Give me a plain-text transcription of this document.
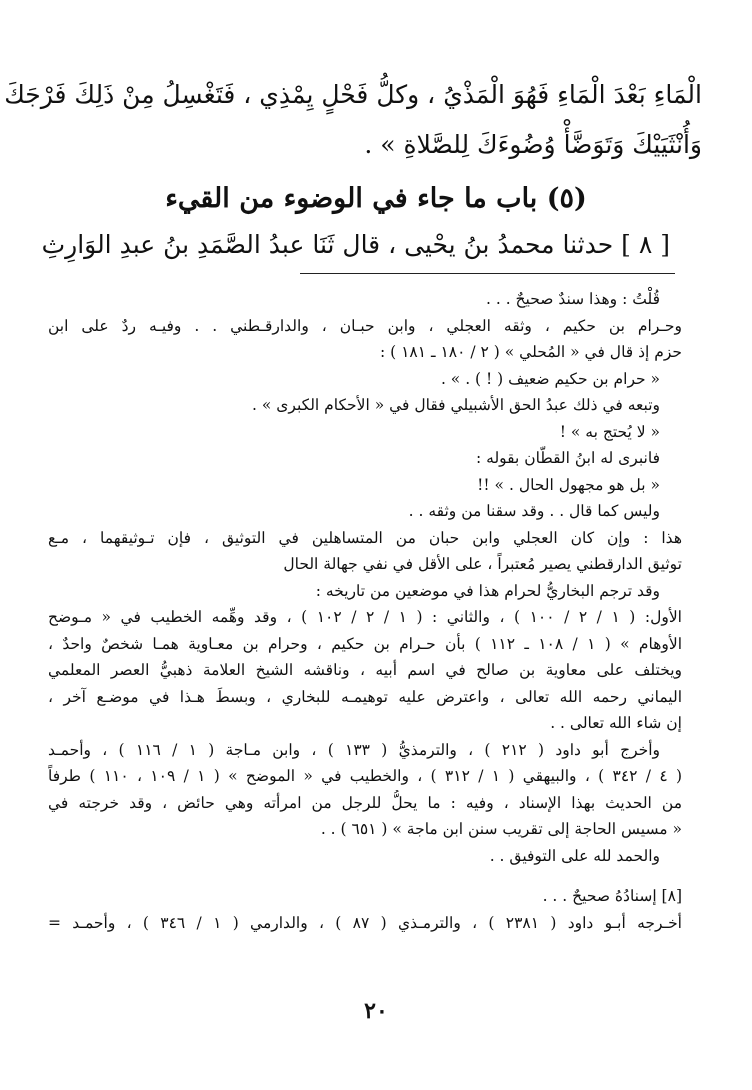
الْمَاءِ بَعْدَ الْمَاءِ فَهُوَ الْمَذْيُ ، وكلُّ فَحْلٍ يِمْذِي ، فَتَغْسِلُ مِنْ ذَلِكَ فَرْجَكَ
وَأُنْثَيَيْكَ وَتَوَضَّأْ وُضُوءَكَ لِلصَّلاةِ » .
(٥) باب ما جاء في الوضوء من القيء
[ ٨ ] حدثنا محمدُ بنُ يحْيى ، قال ثَنَا عبدُ الصَّمَدِ بنُ عبدِ الوَارِثِ
قُلْتُ : وهذا سندٌ صحيحٌ . . .
وحـرام بن حكيم ، وثقه العجلي ، وابن حبـان ، والدارقـطني . . وفيـه ردٌ على ابن
حزم إذ قال في « المُحلي » ( ٢ / ١٨٠ ـ ١٨١ ) :
« حرام بن حكيم ضعيف ( ! ) . » .
وتبعه في ذلك عبدُ الحق الأشبيلي فقال في « الأحكام الكبرى » .
« لا يُحتج به » !
فانبرى له ابنُ القطّان بقوله :
« بل هو مجهول الحال . » !!
وليس كما قال . . وقد سقنا من وثقه . .
هذا : وإن كان العجلي وابن حبان من المتساهلين في التوثيق ، فإن تـوثيقهما ، مـع
توثيق الدارقطني يصير مُعتبراً ، على الأقل في نفي جهالة الحال
وقد ترجم البخاريُّ لحرام هذا في موضعين من تاريخه :
الأول: ( ١ / ٢ / ١٠٠ ) ، والثاني : ( ١ / ٢ / ١٠٢ ) ، وقد وهِّمه الخطيب في « مـوضح
الأوهام » ( ١ / ١٠٨ ـ ١١٢ ) بأن حـرام بن حكيم ، وحرام بن معـاوية همـا شخصٌ واحدٌ ،
ويختلف على معاوية بن صالح في اسم أبيه ، وناقشه الشيخ العلامة ذهبيُّ العصر المعلمي
اليماني رحمه الله تعالى ، واعترض عليه توهيمـه للبخاري ، وبسطَ هـذا في موضـع آخر ،
إن شاء الله تعالى . .
وأخرج أبو داود ( ٢١٢ ) ، والترمذيُّ ( ١٣٣ ) ، وابن مـاجة ( ١ / ١١٦ ) ، وأحمـد
( ٤ / ٣٤٢ ) ، والبيهقي ( ١ / ٣١٢ ) ، والخطيب في « الموضح » ( ١ / ١٠٩ ، ١١٠ ) طرفاً
من الحديث بهذا الإسناد ، وفيه : ما يحلُّ للرجل من امرأته وهي حائض ، وقد خرجته في
« مسيس الحاجة إلى تقريب سنن ابن ماجة » ( ٦٥١ ) . .
والحمد لله على التوفيق . .
[٨] إسنادُهُ صحيحٌ . . .
أخـرجه أبـو داود ( ٢٣٨١ ) ، والترمـذي ( ٨٧ ) ، والدارمي ( ١ / ٣٤٦ ) ، وأحمـد =
٢٠
